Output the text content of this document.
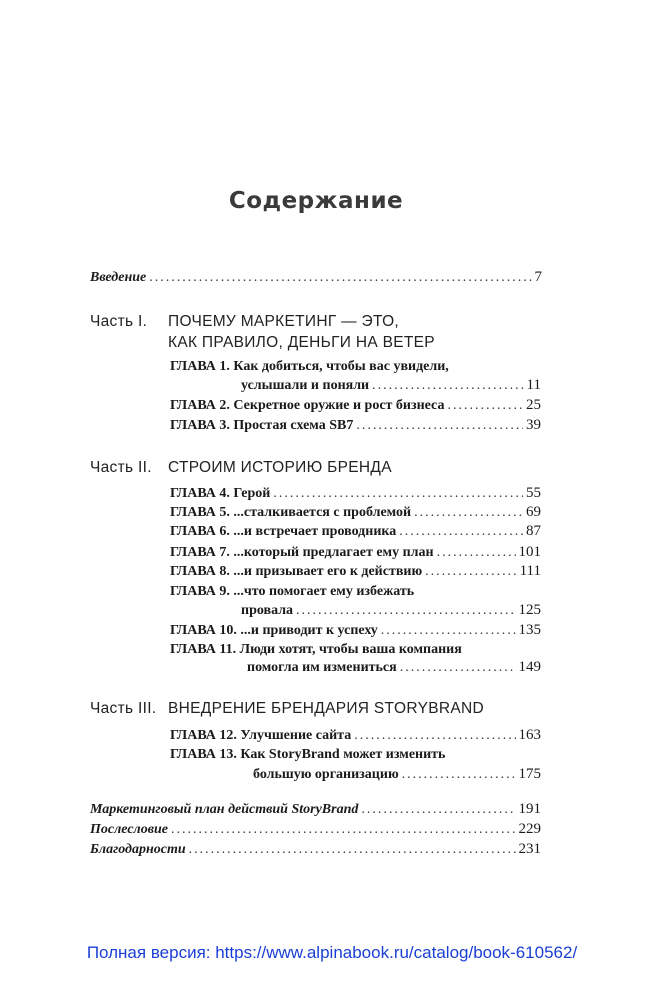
Содержание
Введение .....	7
Часть I. ПОЧЕМУ МАРКЕТИНГ — ЭТО,
КАК ПРАВИЛО, ДЕНЬГИ НА ВЕТЕР
ГЛАВА 1. Как добиться, чтобы вас увидели,
услышали и поняли .....	11
ГЛАВА 2. Секретное оружие и рост бизнеса .....	25
ГЛАВА 3. Простая схема SB7 .....	39
Часть II. СТРОИМ ИСТОРИЮ БРЕНДА
ГЛАВА 4. Герой .....	55
ГЛАВА 5. ...сталкивается с проблемой .....	69
ГЛАВА 6. ...и встречает проводника .....	87
ГЛАВА 7. ...который предлагает ему план .....	101
ГЛАВА 8. ...и призывает его к действию .....	111
ГЛАВА 9. ...что помогает ему избежать
провала .....	125
ГЛАВА 10. ...и приводит к успеху .....	135
ГЛАВА 11. Люди хотят, чтобы ваша компания
помогла им измениться .....	149
Часть III. ВНЕДРЕНИЕ БРЕНДАРИЯ STORYBRAND
ГЛАВА 12. Улучшение сайта .....	163
ГЛАВА 13. Как StoryBrand может изменить
большую организацию .....	175
Маркетинговый план действий StoryBrand .....	191
Послесловие .....	229
Благодарности .....	231
Полная версия: https://www.alpinabook.ru/catalog/book-610562/
